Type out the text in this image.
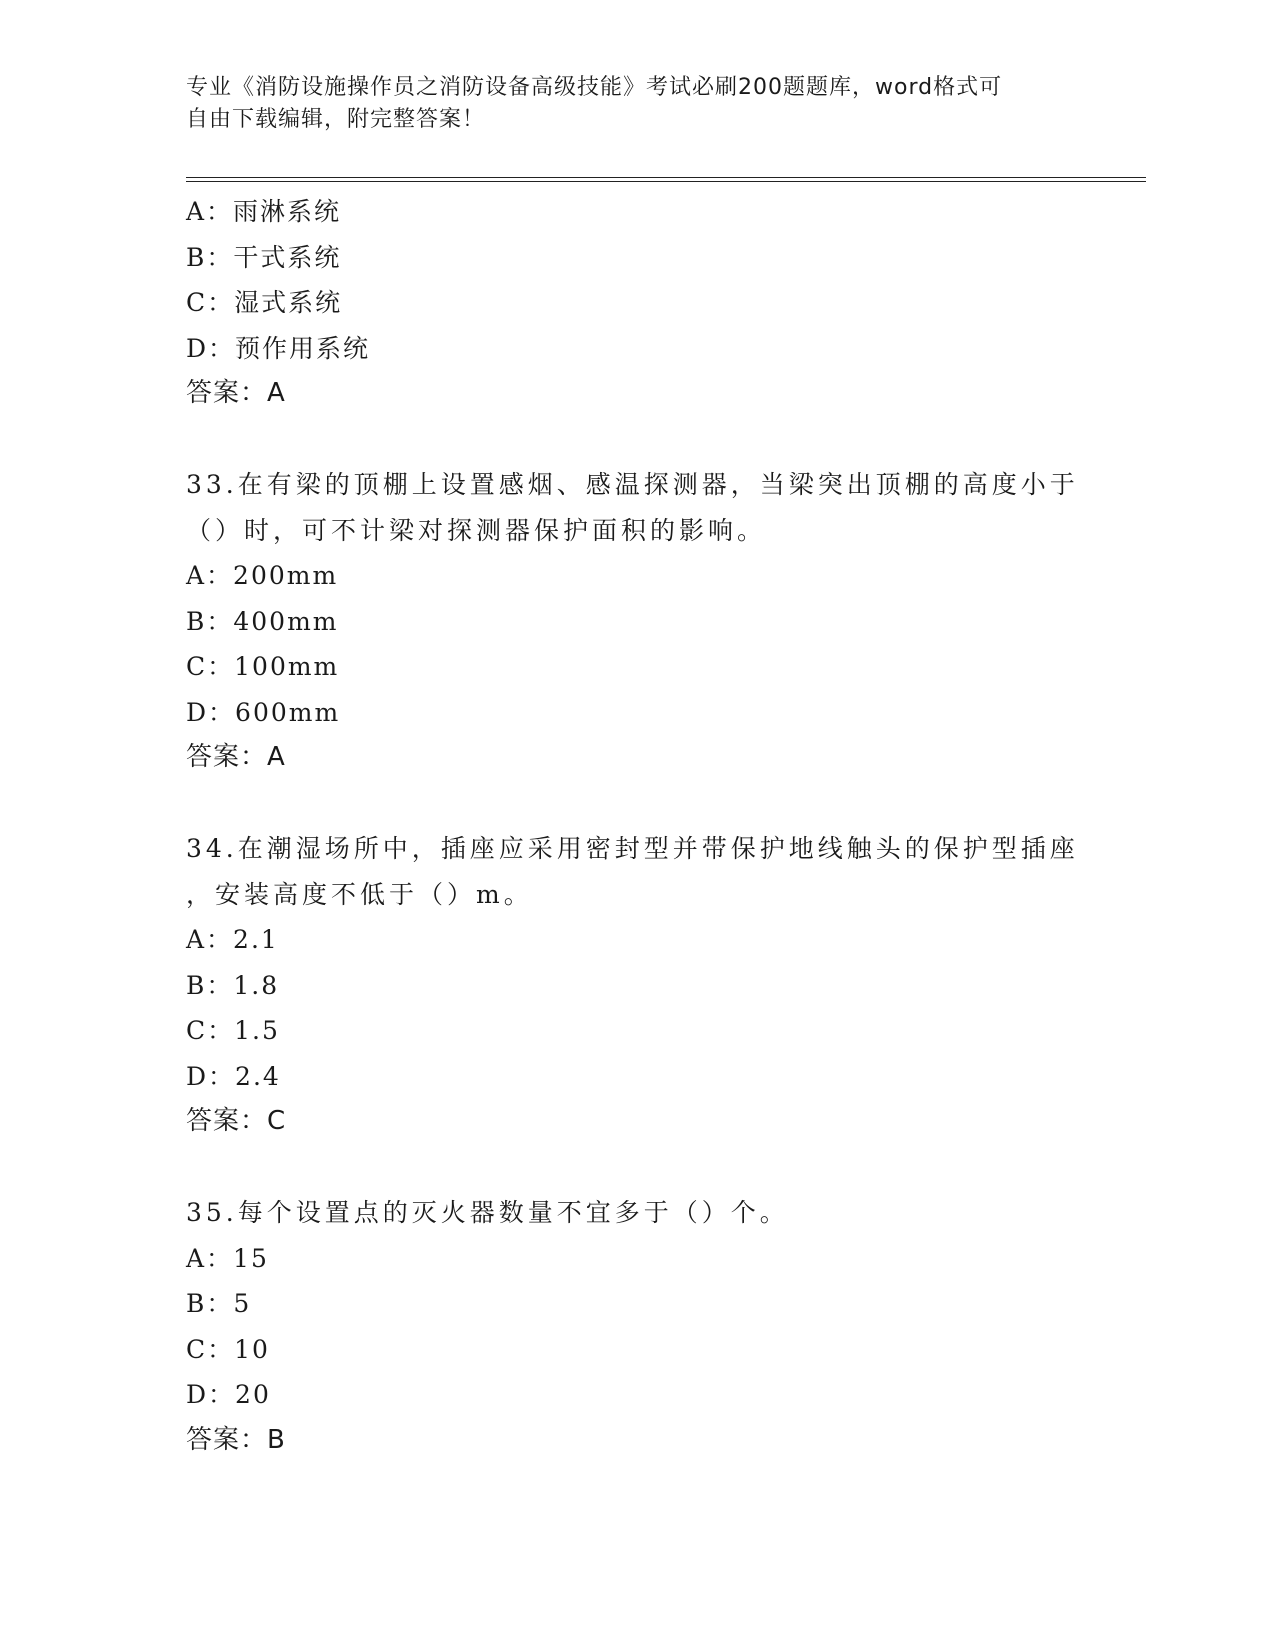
专业《消防设施操作员之消防设备高级技能》考试必刷200题题库，word格式可
自由下载编辑，附完整答案！
A：雨淋系统
B：干式系统
C：湿式系统
D：预作用系统
答案：A
33.在有梁的顶棚上设置感烟、感温探测器，当梁突出顶棚的高度小于
（）时，可不计梁对探测器保护面积的影响。
A：200mm
B：400mm
C：100mm
D：600mm
答案：A
34.在潮湿场所中，插座应采用密封型并带保护地线触头的保护型插座
，安装高度不低于（）m。
A：2.1
B：1.8
C：1.5
D：2.4
答案：C
35.每个设置点的灭火器数量不宜多于（）个。
A：15
B：5
C：10
D：20
答案：B
